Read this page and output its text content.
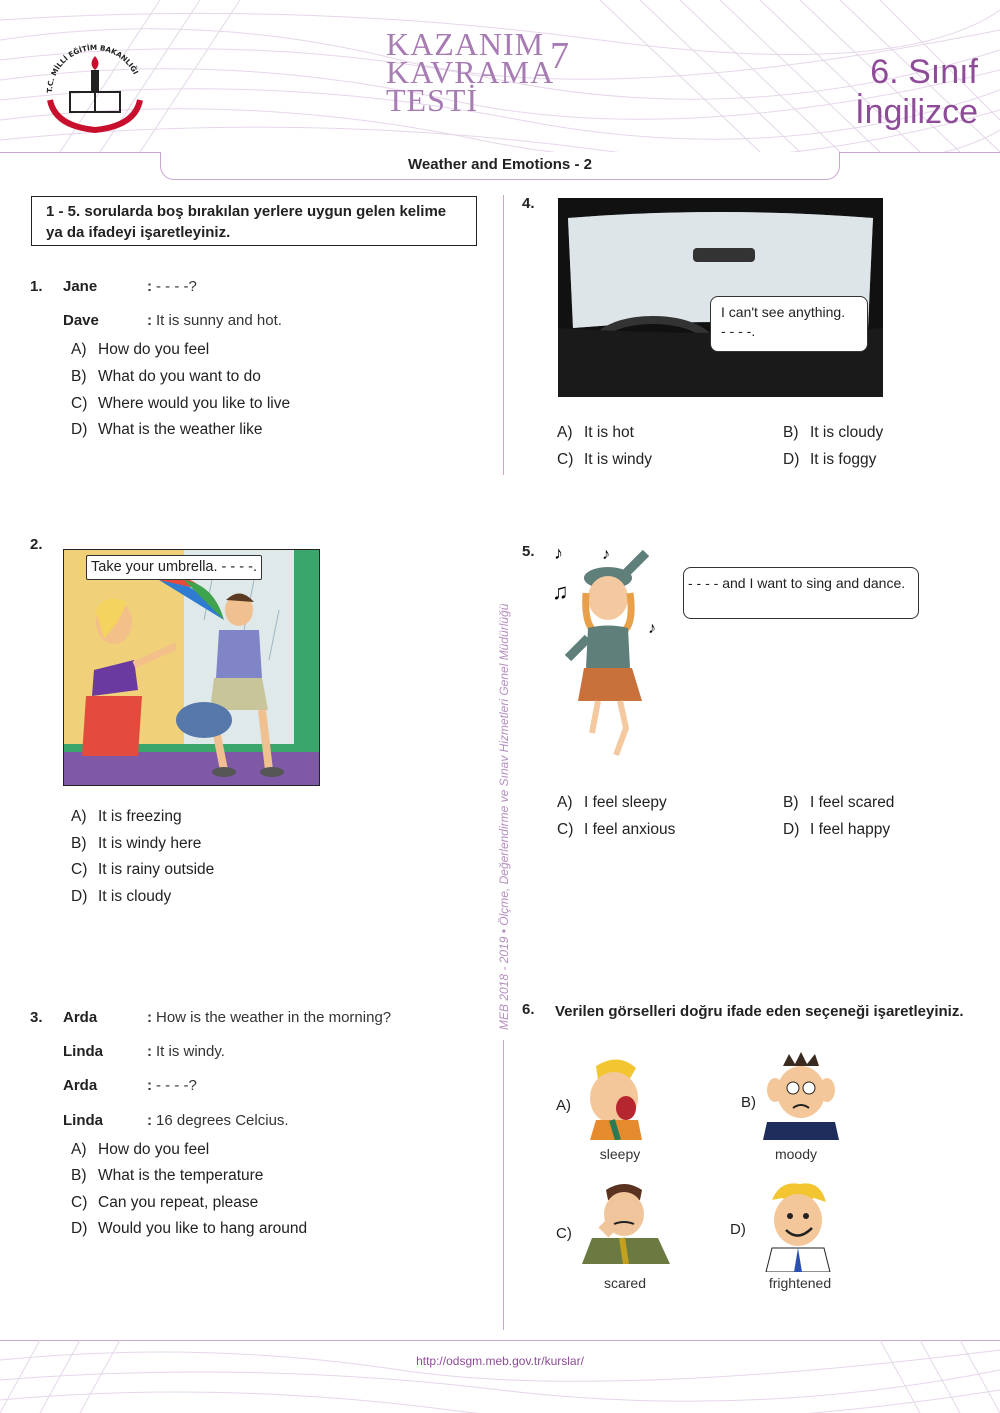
T.C. MİLLİ EĞİTİM BAKANLIĞI
KAZANIM
KAVRAMA
TESTİ
7	6. Sınıf
İngilizce
Weather and Emotions - 2
MEB 2018 - 2019 • Ölçme, Değerlendirme ve Sınav Hizmetleri Genel Müdürlüğü
1 - 5. sorularda boş bırakılan yerlere uygun gelen kelime ya da ifadeyi işaretleyiniz.
1. Jane	: - - - -?
Dave	: It is sunny and hot.
A) How do you feel
B) What do you want to do
C) Where would you like to live
D) What is the weather like
2.
Take your umbrella. - - - -.
A) It is freezing
B) It is windy here
C) It is rainy outside
D) It is cloudy
3. Arda	: How is the weather in the morning?
Linda	: It is windy.
Arda	: - - - -?
Linda	: 16 degrees Celcius.
A) How do you feel
B) What is the temperature
C) Can you repeat, please
D) Would you like to hang around
4.
I can't see anything.
- - - -.
A) It is hot	B) It is cloudy
C) It is windy	D) It is foggy
5. ♪ ♪
♫
♪
- - - - and I want to sing and dance.
A) I feel sleepy	B) I feel scared
C) I feel anxious	D) I feel happy
6. Verilen görselleri doğru ifade eden seçeneği işaretleyiniz.
A)
sleepy
B)
moody
C)
scared
D)
frightened
http://odsgm.meb.gov.tr/kurslar/
